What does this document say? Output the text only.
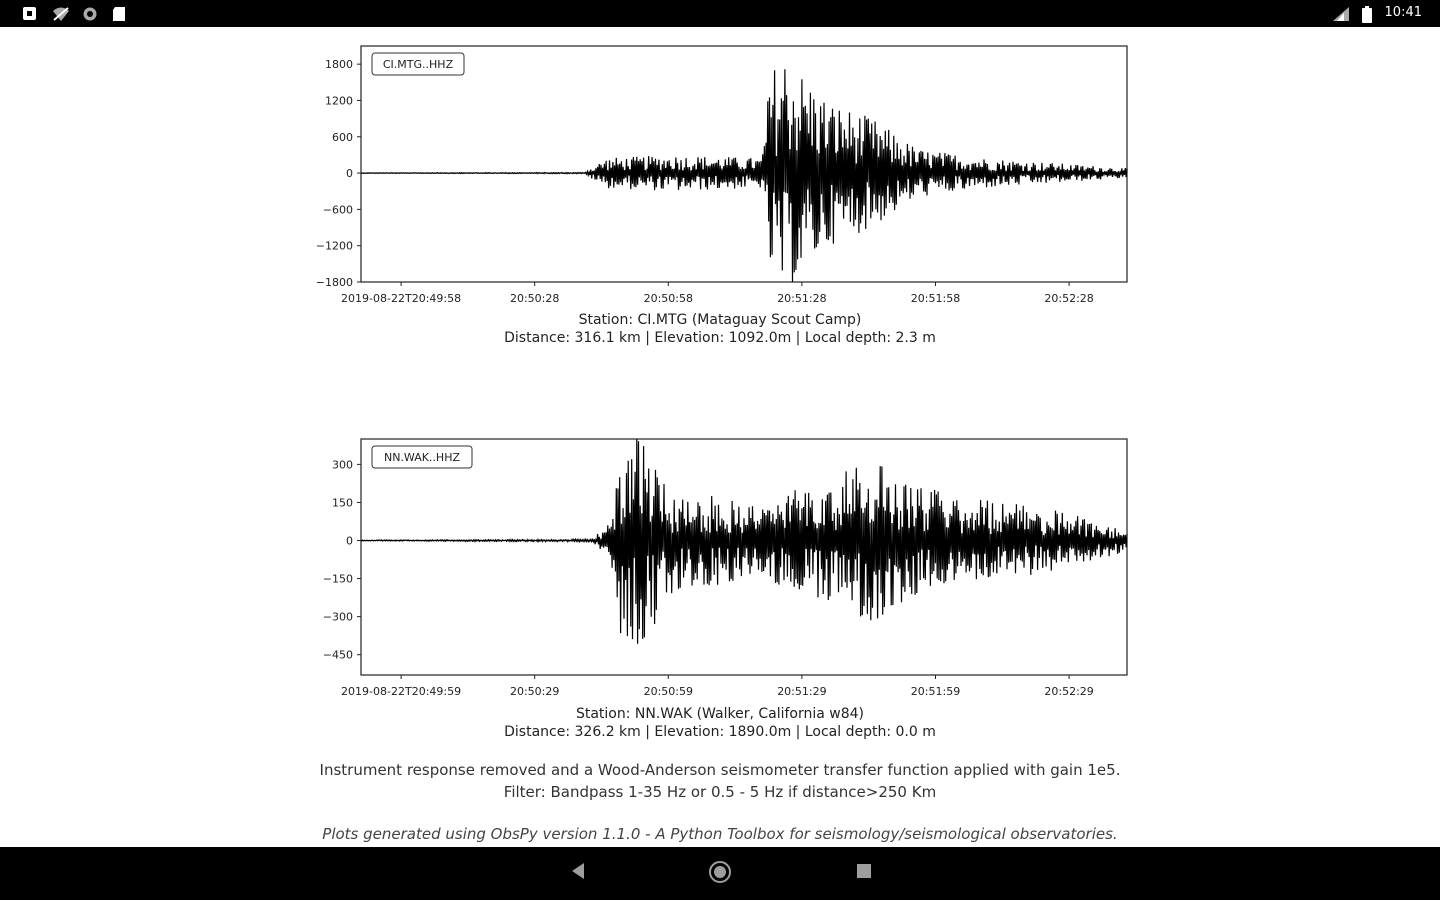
10:41
1800
1200
600
0
−600
−1200
−1800
2019-08-22T20:49:58	20:50:28	20:50:58	20:51:28	20:51:58	20:52:28
CI.MTG..HHZ
Station: CI.MTG (Mataguay Scout Camp)
Distance: 316.1 km | Elevation: 1092.0m | Local depth: 2.3 m
300
150
0
−150
−300
−450
2019-08-22T20:49:59	20:50:29	20:50:59	20:51:29	20:51:59	20:52:29
NN.WAK..HHZ
Station: NN.WAK (Walker, California w84)
Distance: 326.2 km | Elevation: 1890.0m | Local depth: 0.0 m
Instrument response removed and a Wood-Anderson seismometer transfer function applied with gain 1e5.
Filter: Bandpass 1-35 Hz or 0.5 - 5 Hz if distance>250 Km
Plots generated using ObsPy version 1.1.0 - A Python Toolbox for seismology/seismological observatories.
